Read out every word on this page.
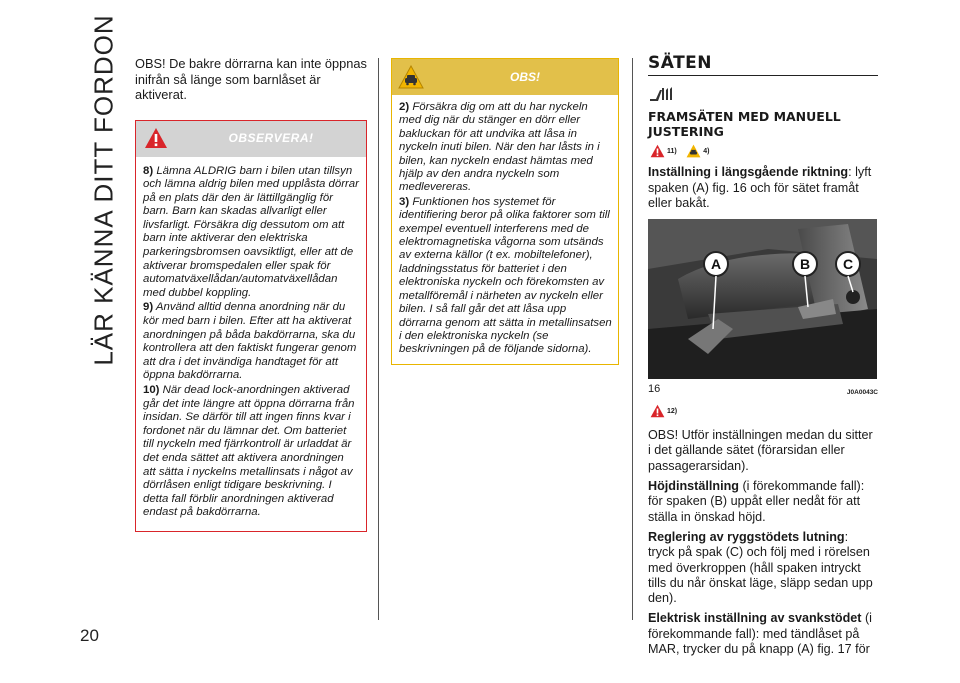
LÄR KÄNNA DITT FORDON
20

OBS! De bakre dörrarna kan inte öppnas inifrån så länge som barnlåset är aktiverat.

OBSERVERA!

8) Lämna ALDRIG barn i bilen utan tillsyn och lämna aldrig bilen med upplåsta dörrar på en plats där den är lättillgänglig för barn. Barn kan skadas allvarligt eller livsfarligt. Försäkra dig dessutom om att barn inte aktiverar den elektriska parkeringsbromsen oavsiktligt, eller att de aktiverar bromspedalen eller spak för automatväxellådan/automatväxellådan med dubbel koppling.

9) Använd alltid denna anordning när du kör med barn i bilen. Efter att ha aktiverat anordningen på båda bakdörrarna, ska du kontrollera att den faktiskt fungerar genom att dra i det invändiga handtaget för att öppna bakdörrarna.

10) När dead lock-anordningen aktiverad går det inte längre att öppna dörrarna från insidan. Se därför till att ingen finns kvar i fordonet när du lämnar det. Om batteriet till nyckeln med fjärrkontroll är urladdat är det enda sättet att aktivera anordningen att sätta i nyckelns metallinsats i något av dörrlåsen enligt tidigare beskrivning. I detta fall förblir anordningen aktiverad endast på bakdörrarna.

OBS!

2) Försäkra dig om att du har nyckeln med dig när du stänger en dörr eller bakluckan för att undvika att låsa in nyckeln inuti bilen. När den har låsts in i bilen, kan nyckeln endast hämtas med hjälp av den andra nyckeln som medlevereras.

3) Funktionen hos systemet för identifiering beror på olika faktorer som till exempel eventuell interferens med de elektromagnetiska vågorna som utsänds av externa källor (t ex. mobiltelefoner), laddningsstatus för batteriet i den elektroniska nyckeln och förekomsten av metallföremål i närheten av nyckeln eller bilen. I så fall går det att låsa upp dörrarna genom att sätta in metallinsatsen i den elektroniska nyckeln (se beskrivningen på de följande sidorna).

SÄTEN
FRAMSÄTEN MED MANUELL JUSTERING
$^{11)}$	$^{4)}$

Inställning i längsgående riktning: lyft spaken (A) fig. 16 och för sätet framåt eller bakåt.

A	B C
16	J0A0043C
$^{12)}$

OBS! Utför inställningen medan du sitter i det gällande sätet (förarsidan eller passagerarsidan).

Höjdinställning (i förekommande fall): för spaken (B) uppåt eller nedåt för att ställa in önskad höjd.

Reglering av ryggstödets lutning: tryck på spak (C) och följ med i rörelsen med överkroppen (håll spaken intryckt tills du når önskat läge, släpp sedan upp den).

Elektrisk inställning av svankstödet (i förekommande fall): med tändlåset på MAR, trycker du på knapp (A) fig. 17 för
